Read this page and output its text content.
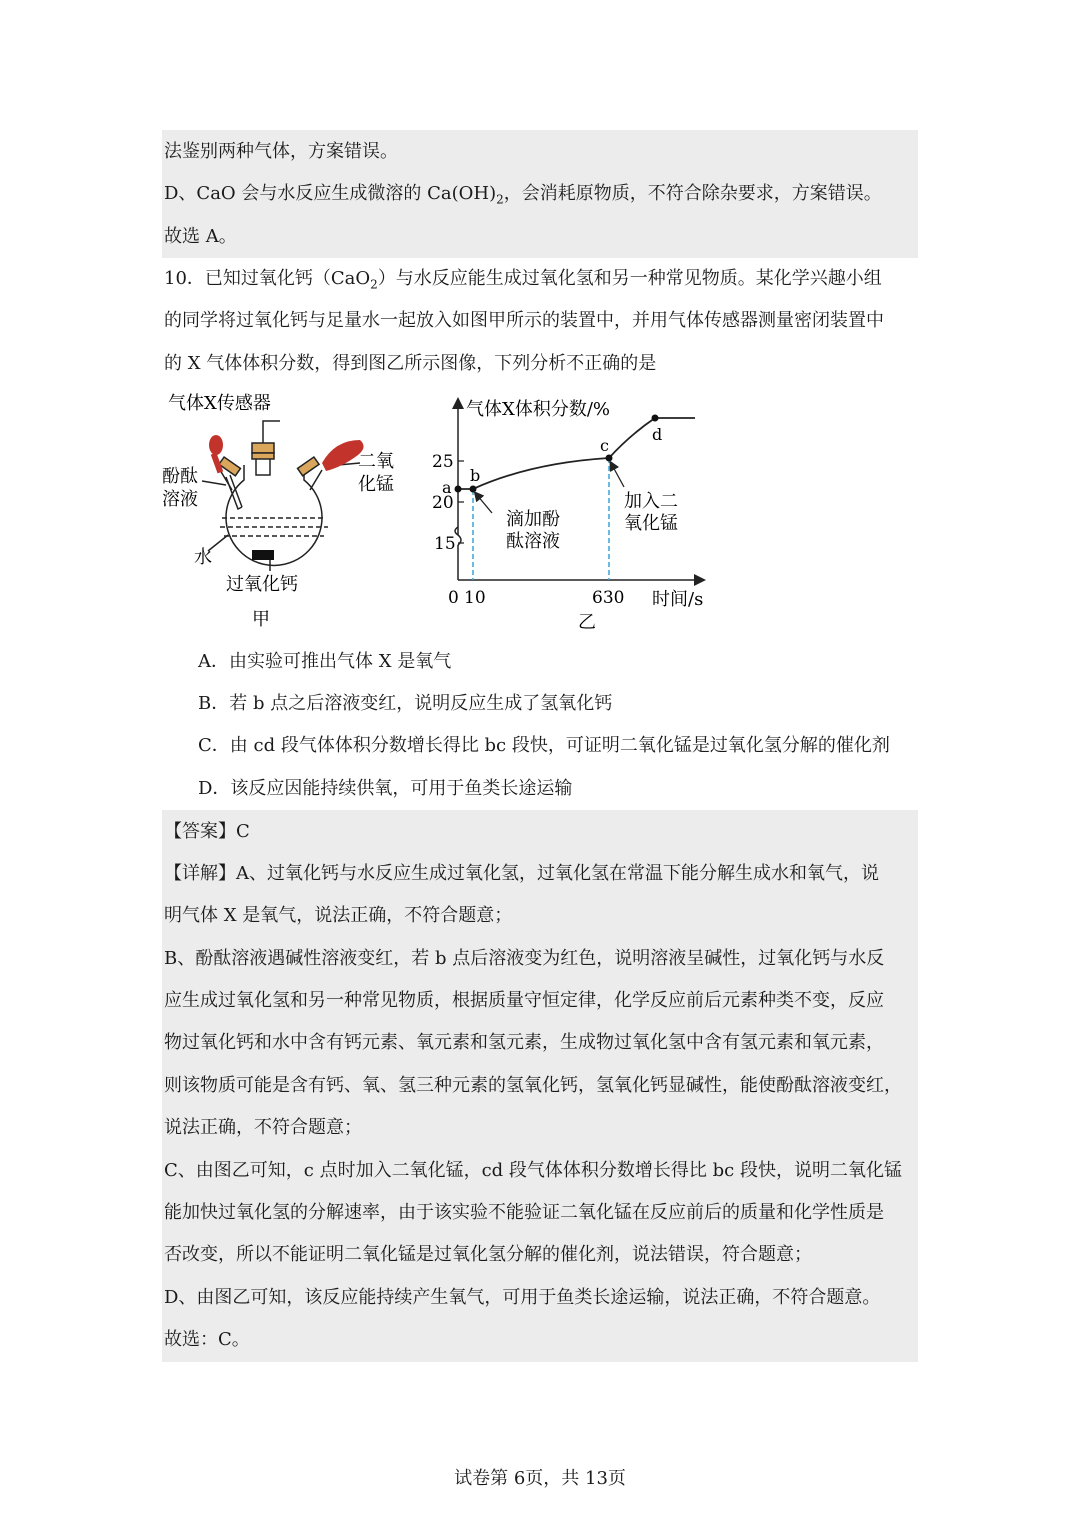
法鉴别两种气体，方案错误。
D、CaO 会与水反应生成微溶的 $Ca(OH)_2$，会消耗原物质，不符合除杂要求，方案错误。
故选 A。
10．已知过氧化钙（CaO$_2$）与水反应能生成过氧化氢和另一种常见物质。某化学兴趣小组
的同学将过氧化钙与足量水一起放入如图甲所示的装置中，并用气体传感器测量密闭装置中
的 X 气体体积分数，得到图乙所示图像，下列分析不正确的是
气体X传感器
酚酞
溶液
二氧
化锰
水
过氧化钙
甲
25
20
15
0 10	630
气体X体积分数/%
时间/s
a
b
c
d
滴加酚
酞溶液
加入二
氧化锰
乙
A．由实验可推出气体 X 是氧气
B．若 b 点之后溶液变红，说明反应生成了氢氧化钙
C．由 cd 段气体体积分数增长得比 bc 段快，可证明二氧化锰是过氧化氢分解的催化剂
D．该反应因能持续供氧，可用于鱼类长途运输
【答案】C
【详解】A、过氧化钙与水反应生成过氧化氢，过氧化氢在常温下能分解生成水和氧气，说
明气体 X 是氧气，说法正确，不符合题意；
B、酚酞溶液遇碱性溶液变红，若 b 点后溶液变为红色，说明溶液呈碱性，过氧化钙与水反
应生成过氧化氢和另一种常见物质，根据质量守恒定律，化学反应前后元素种类不变，反应
物过氧化钙和水中含有钙元素、氧元素和氢元素，生成物过氧化氢中含有氢元素和氧元素，
则该物质可能是含有钙、氧、氢三种元素的氢氧化钙，氢氧化钙显碱性，能使酚酞溶液变红，
说法正确，不符合题意；
C、由图乙可知，c 点时加入二氧化锰，cd 段气体体积分数增长得比 bc 段快，说明二氧化锰
能加快过氧化氢的分解速率，由于该实验不能验证二氧化锰在反应前后的质量和化学性质是
否改变，所以不能证明二氧化锰是过氧化氢分解的催化剂，说法错误，符合题意；
D、由图乙可知，该反应能持续产生氧气，可用于鱼类长途运输，说法正确，不符合题意。
故选：C。
试卷第 6页，共 13页
